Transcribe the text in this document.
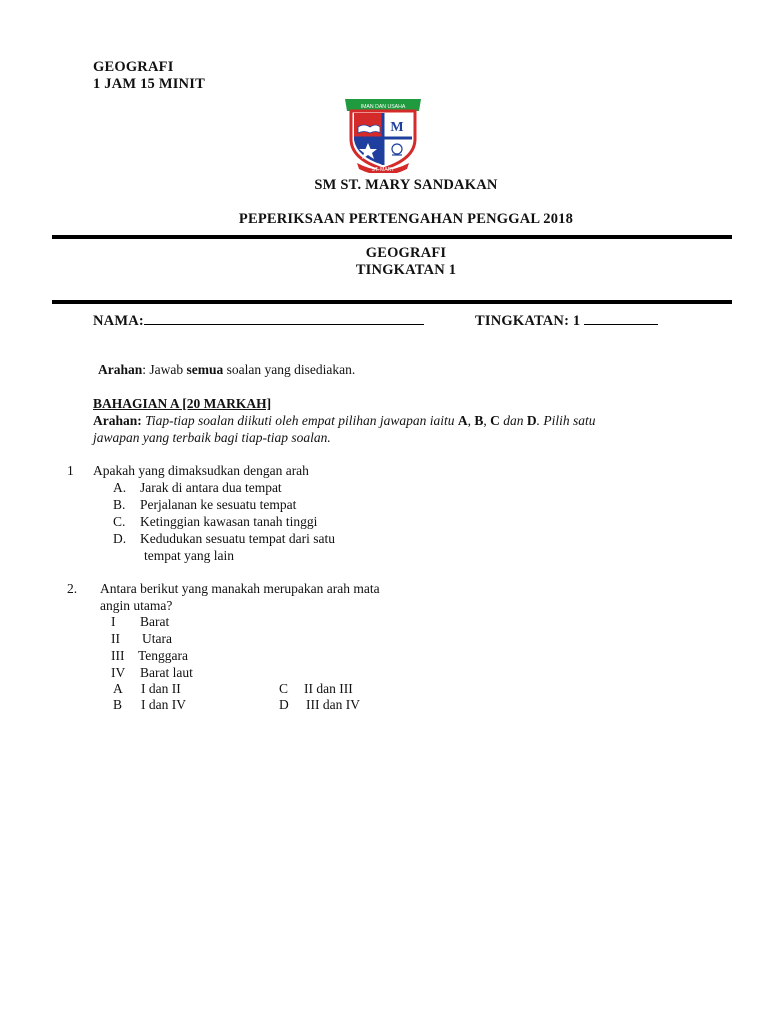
GEOGRAFI
1 JAM 15 MINIT
IMAN DAN USAHA
M
ST. MARY
SM ST. MARY SANDAKAN
PEPERIKSAAN PERTENGAHAN PENGGAL 2018
GEOGRAFI
TINGKATAN 1
NAMA:	TINGKATAN: 1
Arahan: Jawab semua soalan yang disediakan.
BAHAGIAN A [20 MARKAH]
Arahan: Tiap-tiap soalan diikuti oleh empat pilihan jawapan iaitu A, B, C dan D. Pilih satu
jawapan yang terbaik bagi tiap-tiap soalan.
1 Apakah yang dimaksudkan dengan arah
A. Jarak di antara dua tempat
B. Perjalanan ke sesuatu tempat
C. Ketinggian kawasan tanah tinggi
D. Kedudukan sesuatu tempat dari satu
tempat yang lain
2. Antara berikut yang manakah merupakan arah mata
angin utama?
I Barat
II Utara
III Tenggara
IV Barat laut
A I dan II	C II dan III
B I dan IV	D III dan IV
